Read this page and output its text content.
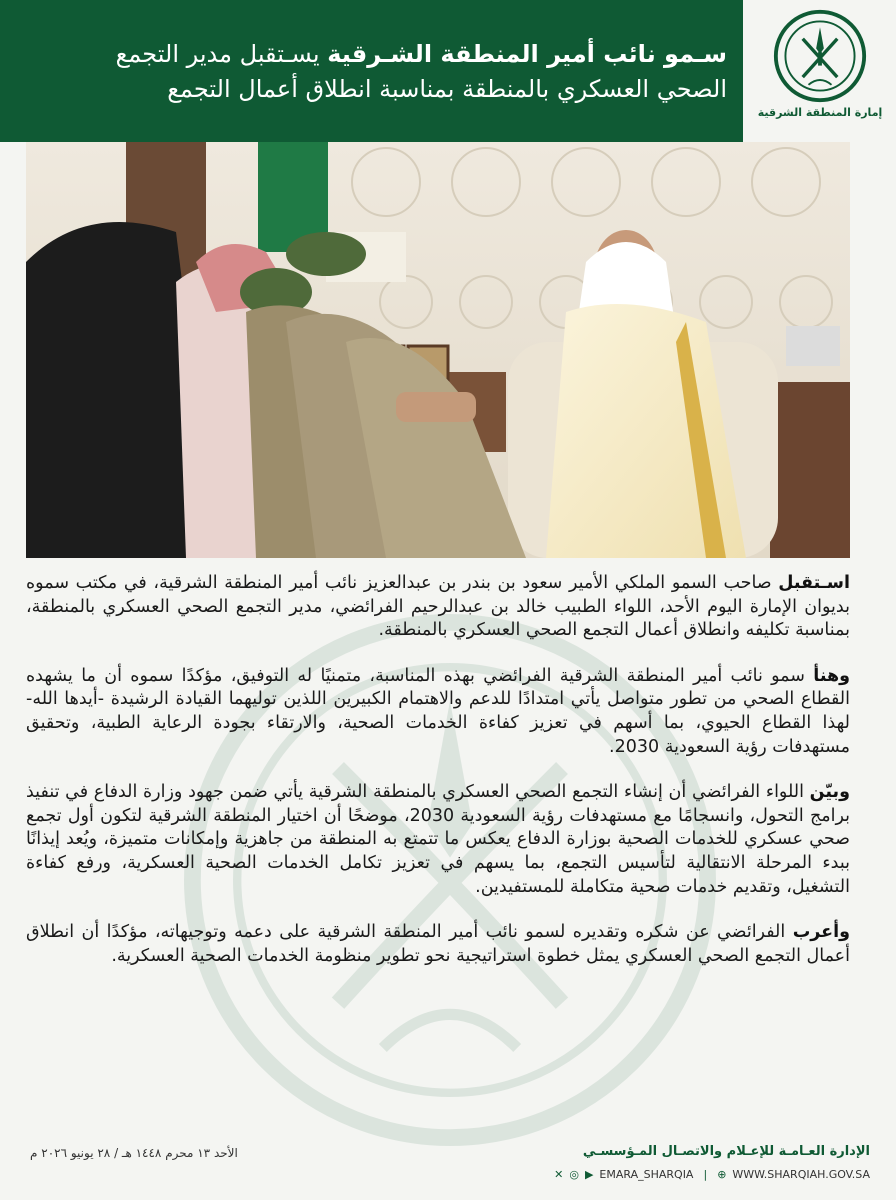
سـمو نائب أمير المنطقة الشـرقية يسـتقبل مدير التجمع
الصحي العسكري بالمنطقة بمناسبة انطلاق أعمال التجمع
إمارة المنطقة الشرقية

اسـتقبل صاحب السمو الملكي الأمير سعود بن بندر بن عبدالعزيز نائب أمير المنطقة الشرقية، في مكتب سموه بديوان الإمارة اليوم الأحد، اللواء الطبيب خالد بن عبدالرحيم الفرائضي، مدير التجمع الصحي العسكري بالمنطقة، بمناسبة تكليفه وانطلاق أعمال التجمع الصحي العسكري بالمنطقة.

وهنأ سمو نائب أمير المنطقة الشرقية الفرائضي بهذه المناسبة، متمنيًا له التوفيق، مؤكدًا سموه أن ما يشهده القطاع الصحي من تطور متواصل يأتي امتدادًا للدعم والاهتمام الكبيرين اللذين توليهما القيادة الرشيدة -أيدها الله- لهذا القطاع الحيوي، بما أسهم في تعزيز كفاءة الخدمات الصحية، والارتقاء بجودة الرعاية الطبية، وتحقيق مستهدفات رؤية السعودية 2030.

وبيّن اللواء الفرائضي أن إنشاء التجمع الصحي العسكري بالمنطقة الشرقية يأتي ضمن جهود وزارة الدفاع في تنفيذ برامج التحول، وانسجامًا مع مستهدفات رؤية السعودية 2030، موضحًا أن اختيار المنطقة الشرقية لتكون أول تجمع صحي عسكري للخدمات الصحية بوزارة الدفاع يعكس ما تتمتع به المنطقة من جاهزية وإمكانات متميزة، ويُعد إيذانًا ببدء المرحلة الانتقالية لتأسيس التجمع، بما يسهم في تعزيز تكامل الخدمات الصحية العسكرية، ورفع كفاءة التشغيل، وتقديم خدمات صحية متكاملة للمستفيدين.

وأعرب الفرائضي عن شكره وتقديره لسمو نائب أمير المنطقة الشرقية على دعمه وتوجيهاته، مؤكدًا أن انطلاق أعمال التجمع الصحي العسكري يمثل خطوة استراتيجية نحو تطوير منظومة الخدمات الصحية العسكرية.

الأحد ١٣ محرم ١٤٤٨ هـ / ٢٨ يونيو ٢٠٢٦ م	الإدارة العـامـة للإعـلام والاتصـال المـؤسسـي
✕ ◎ ▶ EMARA_SHARQIA | ⊕ WWW.SHARQIAH.GOV.SA
